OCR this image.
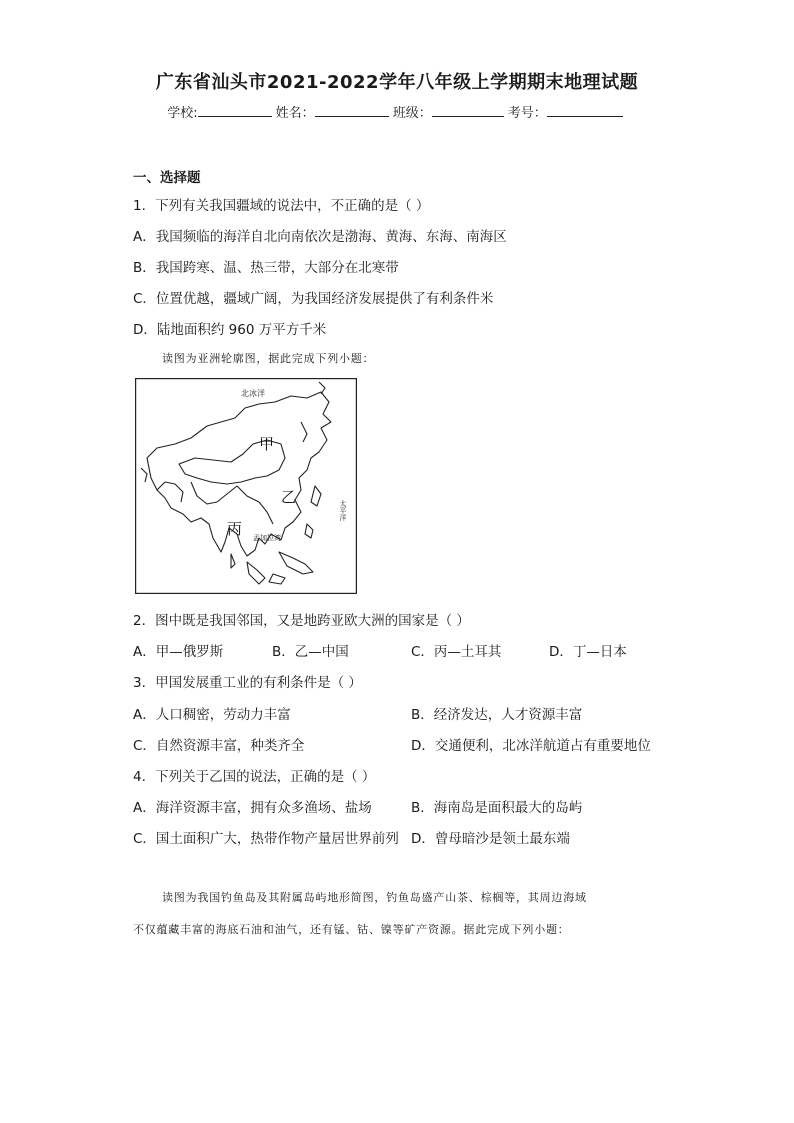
广东省汕头市2021-2022学年八年级上学期期末地理试题
学校:	姓名：	班级：	考号：
一、选择题
1．下列有关我国疆域的说法中，不正确的是（ ）
A．我国频临的海洋自北向南依次是渤海、黄海、东海、南海区
B．我国跨寒、温、热三带，大部分在北寒带
C．位置优越，疆域广阔，为我国经济发展提供了有利条件米
D．陆地面积约 960 万平方千米
读图为亚洲轮廓图，据此完成下列小题：
北冰洋
甲
乙
丙
太平洋
孟加拉湾
2．图中既是我国邻国，又是地跨亚欧大洲的国家是（ ）
A．甲—俄罗斯	B．乙—中国	C．丙—土耳其	D．丁—日本
3．甲国发展重工业的有利条件是（ ）
A．人口稠密，劳动力丰富	B．经济发达，人才资源丰富
C．自然资源丰富，种类齐全	D．交通便利，北冰洋航道占有重要地位
4．下列关于乙国的说法，正确的是（ ）
A．海洋资源丰富，拥有众多渔场、盐场	B．海南岛是面积最大的岛屿
C．国土面积广大，热带作物产量居世界前列 D．曾母暗沙是领土最东端
读图为我国钓鱼岛及其附属岛屿地形简图，钓鱼岛盛产山茶、棕榈等，其周边海域
不仅蕴藏丰富的海底石油和油气，还有锰、钴、镍等矿产资源。据此完成下列小题：
